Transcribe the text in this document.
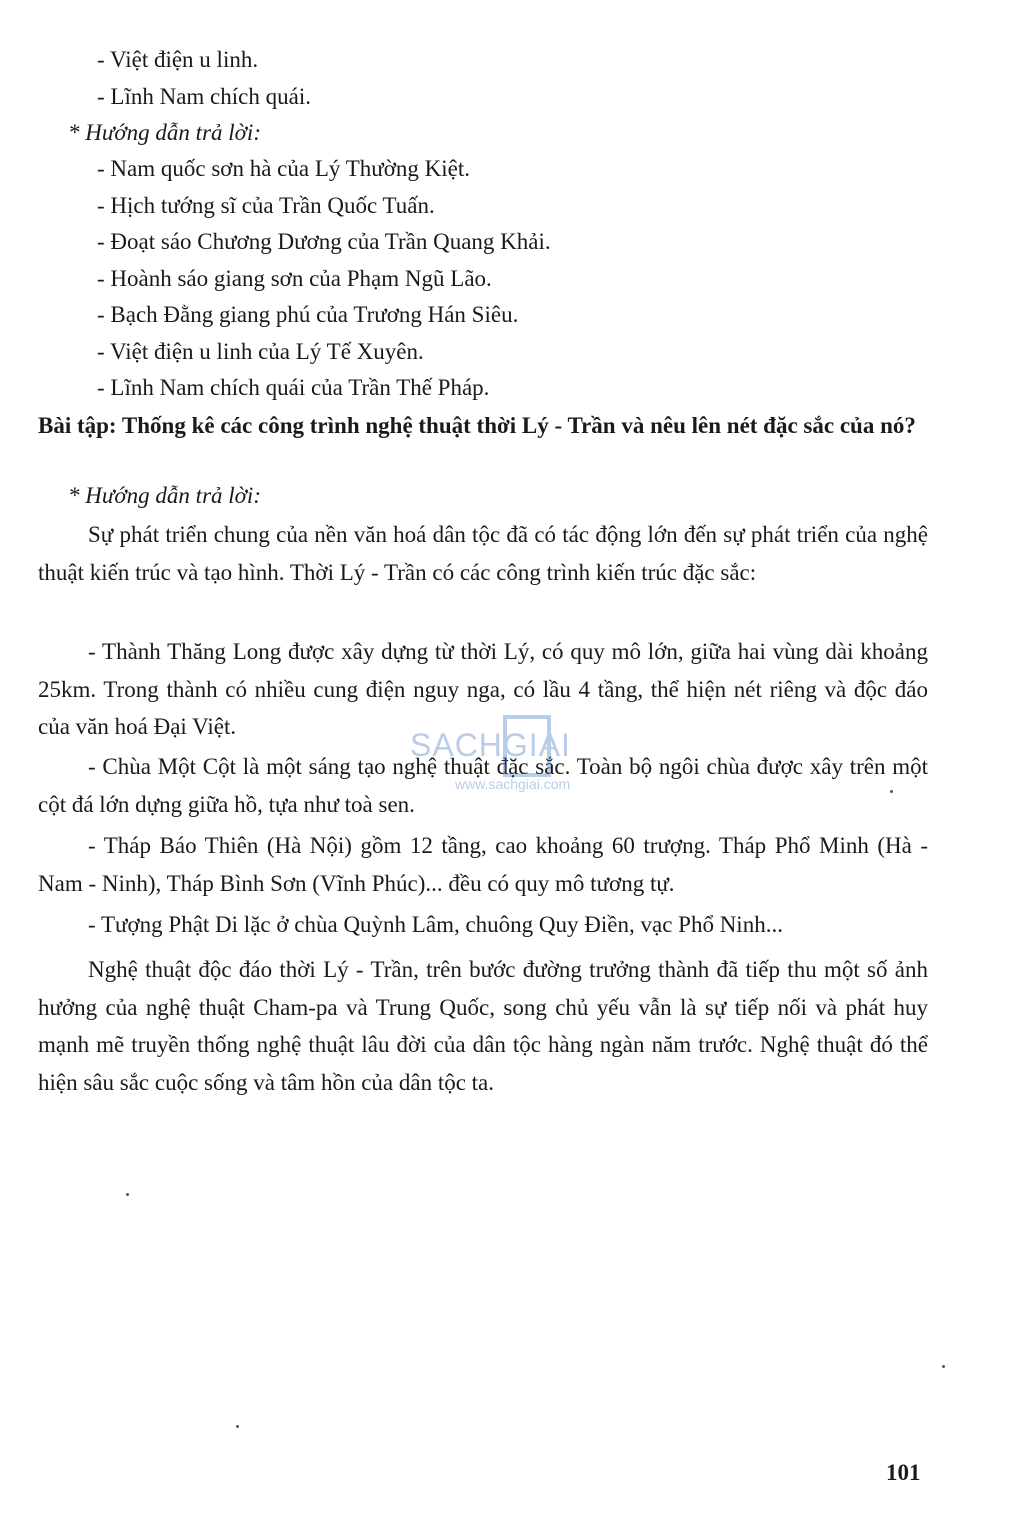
- Việt điện u linh.
- Lĩnh Nam chích quái.
* Hướng dẫn trả lời:
- Nam quốc sơn hà của Lý Thường Kiệt.
- Hịch tướng sĩ của Trần Quốc Tuấn.
- Đoạt sáo Chương Dương của Trần Quang Khải.
- Hoành sáo giang sơn của Phạm Ngũ Lão.
- Bạch Đằng giang phú của Trương Hán Siêu.
- Việt điện u linh của Lý Tế Xuyên.
- Lĩnh Nam chích quái của Trần Thế Pháp.
Bài tập: Thống kê các công trình nghệ thuật thời Lý - Trần và nêu lên nét đặc sắc của nó?
* Hướng dẫn trả lời:
Sự phát triển chung của nền văn hoá dân tộc đã có tác động lớn đến sự phát triển của nghệ thuật kiến trúc và tạo hình. Thời Lý - Trần có các công trình kiến trúc đặc sắc:
- Thành Thăng Long được xây dựng từ thời Lý, có quy mô lớn, giữa hai vùng dài khoảng 25km. Trong thành có nhiều cung điện nguy nga, có lầu 4 tầng, thể hiện nét riêng và độc đáo của văn hoá Đại Việt.
- Chùa Một Cột là một sáng tạo nghệ thuật đặc sắc. Toàn bộ ngôi chùa được xây trên một cột đá lớn dựng giữa hồ, tựa như toà sen.
- Tháp Báo Thiên (Hà Nội) gồm 12 tầng, cao khoảng 60 trượng. Tháp Phổ Minh (Hà - Nam - Ninh), Tháp Bình Sơn (Vĩnh Phúc)... đều có quy mô tương tự.
- Tượng Phật Di lặc ở chùa Quỳnh Lâm, chuông Quy Điền, vạc Phổ Ninh...
Nghệ thuật độc đáo thời Lý - Trần, trên bước đường trưởng thành đã tiếp thu một số ảnh hưởng của nghệ thuật Cham-pa và Trung Quốc, song chủ yếu vẫn là sự tiếp nối và phát huy mạnh mẽ truyền thống nghệ thuật lâu đời của dân tộc hàng ngàn năm trước. Nghệ thuật đó thể hiện sâu sắc cuộc sống và tâm hồn của dân tộc ta.
SACHGIAI
www.sachgiai.com
101
